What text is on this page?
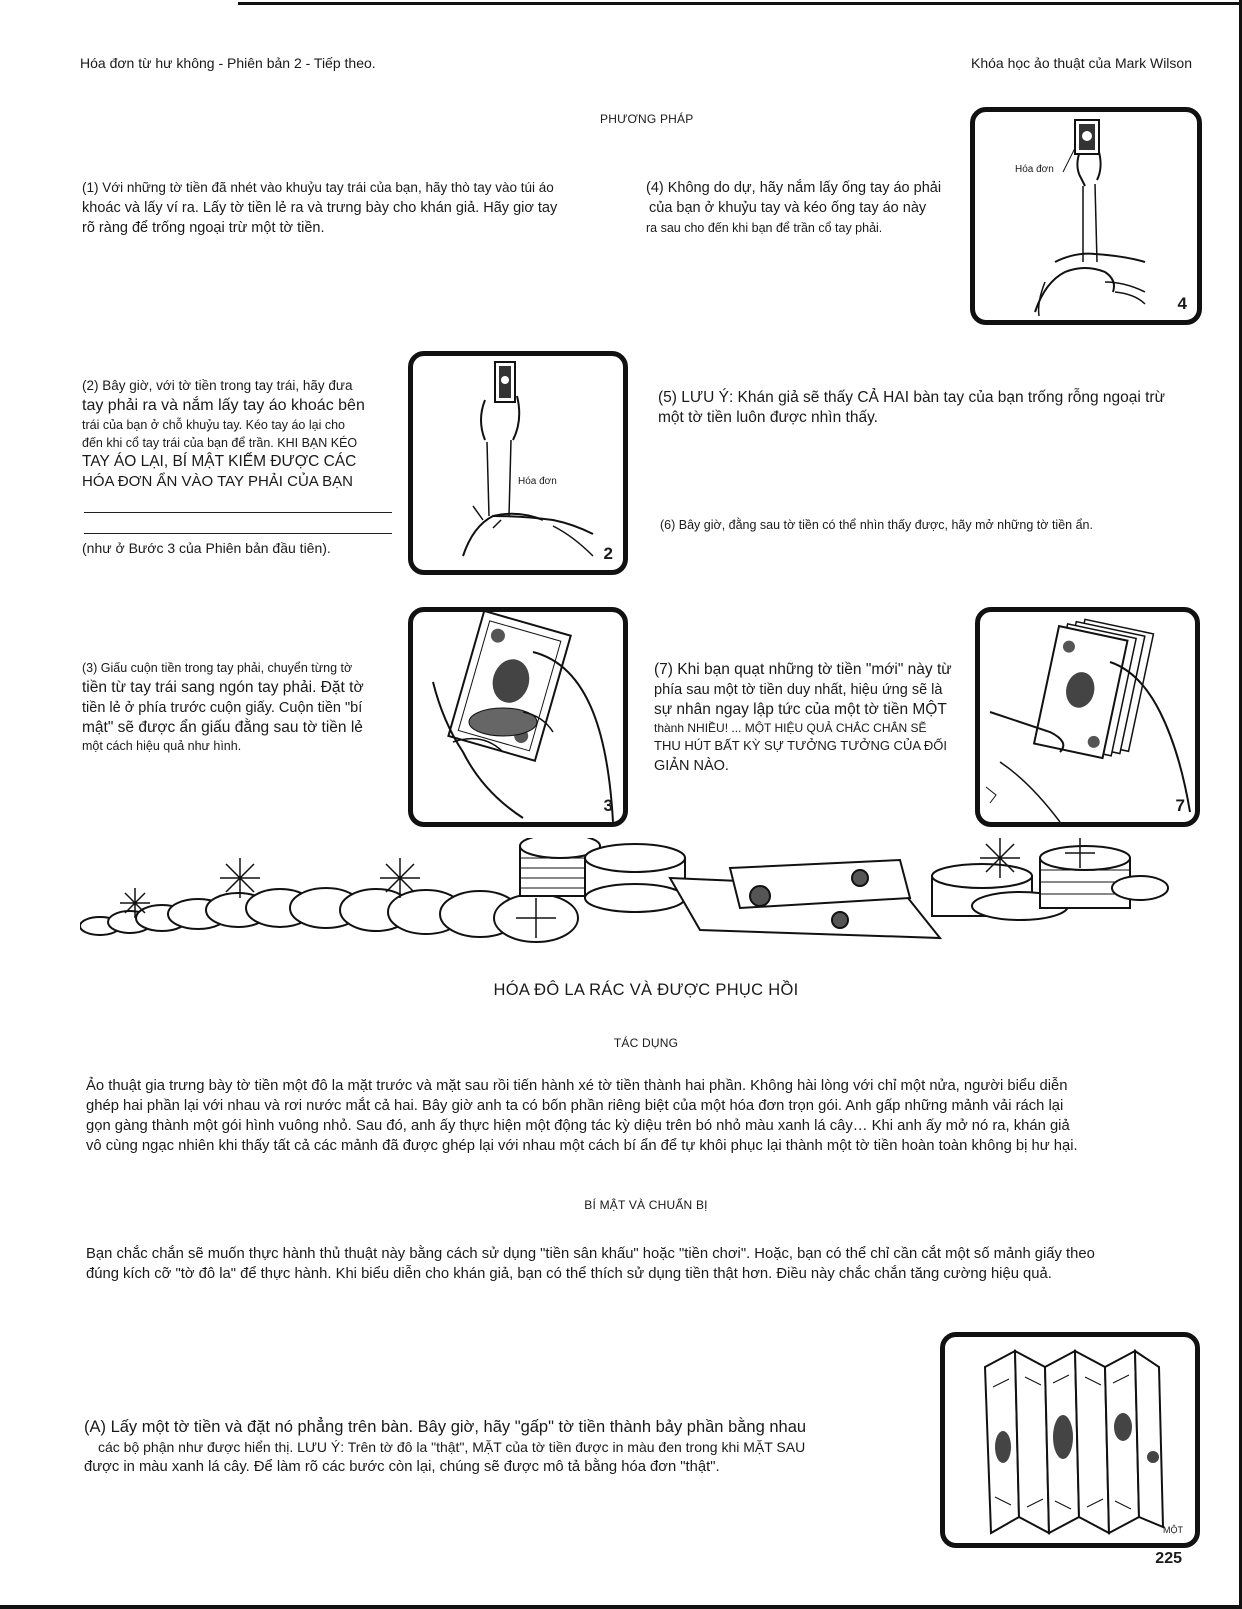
Hóa đơn từ hư không - Phiên bản 2 - Tiếp theo.	Khóa học ảo thuật của Mark Wilson
PHƯƠNG PHÁP
(1) Với những tờ tiền đã nhét vào khuỷu tay trái của bạn, hãy thò tay vào túi áo
khoác và lấy ví ra. Lấy tờ tiền lẻ ra và trưng bày cho khán giả. Hãy giơ tay
rõ ràng để trống ngoại trừ một tờ tiền.
(4) Không do dự, hãy nắm lấy ống tay áo phải
của bạn ở khuỷu tay và kéo ống tay áo này
ra sau cho đến khi bạn để trần cổ tay phải.
Hóa đơn
4
(2) Bây giờ, với tờ tiền trong tay trái, hãy đưa
tay phải ra và nắm lấy tay áo khoác bên
trái của bạn ở chỗ khuỷu tay. Kéo tay áo lại cho
đến khi cổ tay trái của bạn để trần. KHI BẠN KÉO
TAY ÁO LẠI, BÍ MẬT KIẾM ĐƯỢC CÁC
HÓA ĐƠN ẨN VÀO TAY PHẢI CỦA BẠN
(như ở Bước 3 của Phiên bản đầu tiên).
Hóa đơn
2
(5) LƯU Ý: Khán giả sẽ thấy CẢ HAI bàn tay của bạn trống rỗng ngoại trừ
một tờ tiền luôn được nhìn thấy.
(6) Bây giờ, đằng sau tờ tiền có thể nhìn thấy được, hãy mở những tờ tiền ẩn.
(3) Giấu cuộn tiền trong tay phải, chuyển từng tờ
tiền từ tay trái sang ngón tay phải. Đặt tờ
tiền lẻ ở phía trước cuộn giấy. Cuộn tiền "bí
mật" sẽ được ẩn giấu đằng sau tờ tiền lẻ
một cách hiệu quả như hình.
3
(7) Khi bạn quạt những tờ tiền "mới" này từ
phía sau một tờ tiền duy nhất, hiệu ứng sẽ là
sự nhân ngay lập tức của một tờ tiền MỘT
thành NHIỀU! ... MỘT HIỆU QUẢ CHẮC CHẮN SẼ
THU HÚT BẤT KỲ SỰ TƯỞNG TƯỞNG CỦA ĐỐI
GIẢN NÀO.
7
HÓA ĐÔ LA RÁC VÀ ĐƯỢC PHỤC HỒI
TÁC DỤNG
Ảo thuật gia trưng bày tờ tiền một đô la mặt trước và mặt sau rồi tiến hành xé tờ tiền thành hai phần. Không hài lòng với chỉ một nửa, người biểu diễn
ghép hai phần lại với nhau và rơi nước mắt cả hai. Bây giờ anh ta có bốn phần riêng biệt của một hóa đơn trọn gói. Anh gấp những mảnh vải rách lại
gọn gàng thành một gói hình vuông nhỏ. Sau đó, anh ấy thực hiện một động tác kỳ diệu trên bó nhỏ màu xanh lá cây… Khi anh ấy mở nó ra, khán giả
vô cùng ngạc nhiên khi thấy tất cả các mảnh đã được ghép lại với nhau một cách bí ẩn để tự khôi phục lại thành một tờ tiền hoàn toàn không bị hư hại.
BÍ MẬT VÀ CHUẨN BỊ
Bạn chắc chắn sẽ muốn thực hành thủ thuật này bằng cách sử dụng "tiền sân khấu" hoặc "tiền chơi". Hoặc, bạn có thể chỉ cần cắt một số mảnh giấy theo
đúng kích cỡ "tờ đô la" để thực hành. Khi biểu diễn cho khán giả, bạn có thể thích sử dụng tiền thật hơn. Điều này chắc chắn tăng cường hiệu quả.
(A) Lấy một tờ tiền và đặt nó phẳng trên bàn. Bây giờ, hãy "gấp" tờ tiền thành bảy phần bằng nhau
các bộ phận như được hiển thị. LƯU Ý: Trên tờ đô la "thật", MẶT của tờ tiền được in màu đen trong khi MẶT SAU
được in màu xanh lá cây. Để làm rõ các bước còn lại, chúng sẽ được mô tả bằng hóa đơn "thật".
MỘT
225
